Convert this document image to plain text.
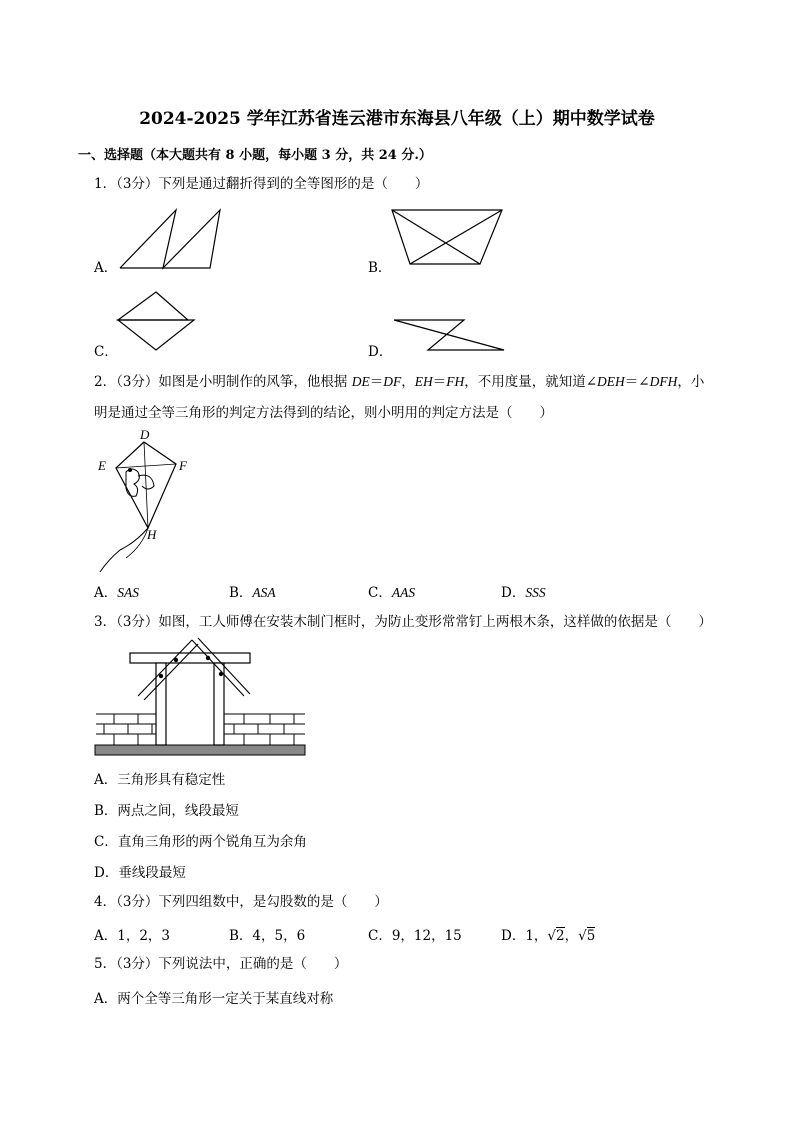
2024-2025 学年江苏省连云港市东海县八年级（上）期中数学试卷
一、选择题（本大题共有 8 小题，每小题 3 分，共 24 分.）
1．（3分）下列是通过翻折得到的全等图形的是（　　）
A．	B．
C．	D．
2．（3分）如图是小明制作的风筝，他根据 DE＝DF，EH＝FH，不用度量，就知道∠DEH＝∠DFH，小
明是通过全等三角形的判定方法得到的结论，则小明用的判定方法是（　　）
D
E	F
H
A．SAS	B．ASA	C．AAS	D．SSS
3．（3分）如图，工人师傅在安装木制门框时，为防止变形常常钉上两根木条，这样做的依据是（　　）
A．三角形具有稳定性
B．两点之间，线段最短
C．直角三角形的两个锐角互为余角
D．垂线段最短
4．（3分）下列四组数中，是勾股数的是（　　）
A．1，2，3	B．4，5，6	C．9，12，15	D．1，√2，√5
5．（3分）下列说法中，正确的是（　　）
A．两个全等三角形一定关于某直线对称
